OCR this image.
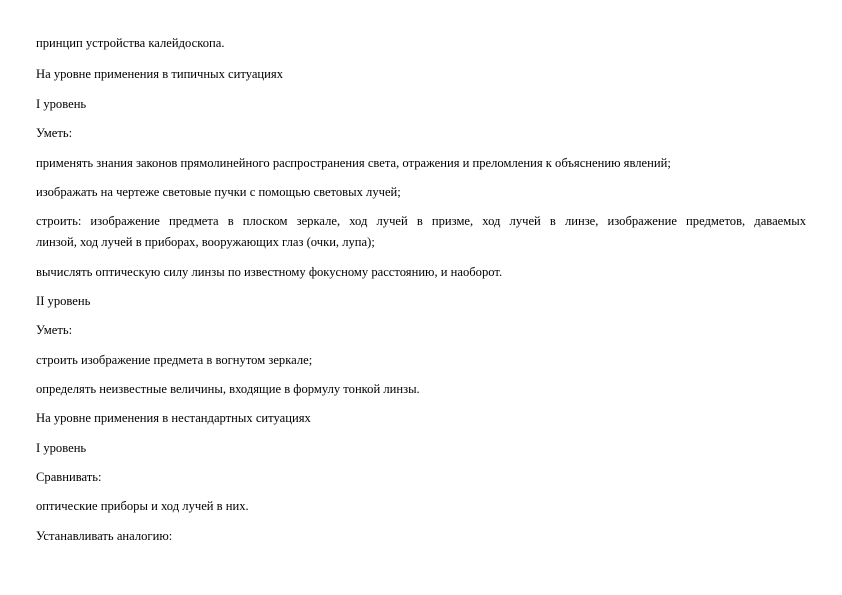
принцип устройства калейдоскопа.

На уровне применения в типичных ситуациях

I уровень

Уметь:

применять знания законов прямолинейного распространения света, отражения и преломления к объяснению явлений;

изображать на чертеже световые пучки с помощью световых лучей;

строить: изображение предмета в плоском зеркале, ход лучей в призме, ход лучей в линзе, изображение предметов, даваемых

линзой, ход лучей в приборах, вооружающих глаз (очки, лупа);

вычислять оптическую силу линзы по известному фокусному расстоянию, и наоборот.

II уровень

Уметь:

строить изображение предмета в вогнутом зеркале;

определять неизвестные величины, входящие в формулу тонкой линзы.

На уровне применения в нестандартных ситуациях

I уровень

Сравнивать:

оптические приборы и ход лучей в них.

Устанавливать аналогию:
